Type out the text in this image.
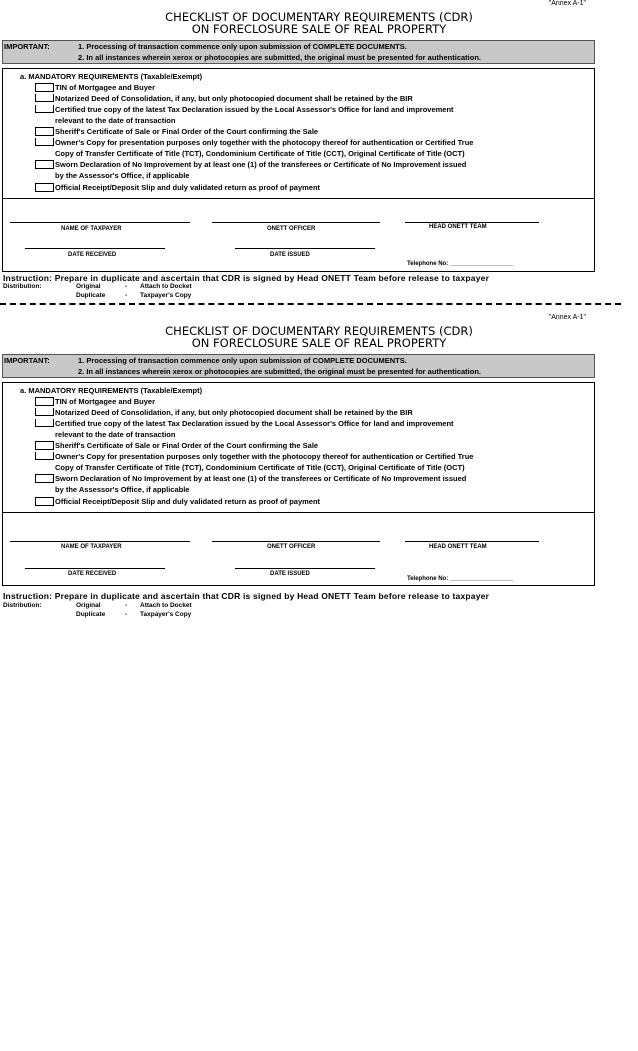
"Annex A-1"
CHECKLIST OF DOCUMENTARY REQUIREMENTS (CDR)
ON FORECLOSURE SALE OF REAL PROPERTY
IMPORTANT:	1. Processing of transaction commence only upon submission of COMPLETE DOCUMENTS.
2. In all instances wherein xerox or photocopies are submitted, the original must be presented for authentication.
a. MANDATORY REQUIREMENTS (Taxable/Exempt)
TIN of Mortgagee and Buyer
Notarized Deed of Consolidation, if any, but only photocopied document shall be retained by the BIR
Certified true copy of the latest Tax Declaration issued by the Local Assessor's Office for land and improvement
relevant to the date of transaction
Sheriff's Certificate of Sale or Final Order of the Court confirming the Sale
Owner's Copy for presentation purposes only together with the photocopy thereof for authentication or Certified True
Copy of Transfer Certificate of Title (TCT), Condominium Certificate of Title (CCT), Original Certificate of Title (OCT)
Sworn Declaration of No Improvement by at least one (1) of the transferees or Certificate of No Improvement issued
by the Assessor's Office, if applicable
Official Receipt/Deposit Slip and duly validated return as proof of payment
NAME OF TAXPAYER	ONETT OFFICER	HEAD ONETT TEAM
DATE RECEIVED	DATE ISSUED
Telephone No: ___________________
Instruction: Prepare in duplicate and ascertain that CDR is signed by Head ONETT Team before release to taxpayer
Distribution:	Original	- Attach to Docket
Duplicate	- Taxpayer's Copy
"Annex A-1"
CHECKLIST OF DOCUMENTARY REQUIREMENTS (CDR)
ON FORECLOSURE SALE OF REAL PROPERTY
IMPORTANT:	1. Processing of transaction commence only upon submission of COMPLETE DOCUMENTS.
2. In all instances wherein xerox or photocopies are submitted, the original must be presented for authentication.
a. MANDATORY REQUIREMENTS (Taxable/Exempt)
TIN of Mortgagee and Buyer
Notarized Deed of Consolidation, if any, but only photocopied document shall be retained by the BIR
Certified true copy of the latest Tax Declaration issued by the Local Assessor's Office for land and improvement
relevant to the date of transaction
Sheriff's Certificate of Sale or Final Order of the Court confirming the Sale
Owner's Copy for presentation purposes only together with the photocopy thereof for authentication or Certified True
Copy of Transfer Certificate of Title (TCT), Condominium Certificate of Title (CCT), Original Certificate of Title (OCT)
Sworn Declaration of No Improvement by at least one (1) of the transferees or Certificate of No Improvement issued
by the Assessor's Office, if applicable
Official Receipt/Deposit Slip and duly validated return as proof of payment
NAME OF TAXPAYER	ONETT OFFICER	HEAD ONETT TEAM
DATE RECEIVED	DATE ISSUED
Telephone No: ___________________
Instruction: Prepare in duplicate and ascertain that CDR is signed by Head ONETT Team before release to taxpayer
Distribution:	Original	- Attach to Docket
Duplicate	- Taxpayer's Copy
